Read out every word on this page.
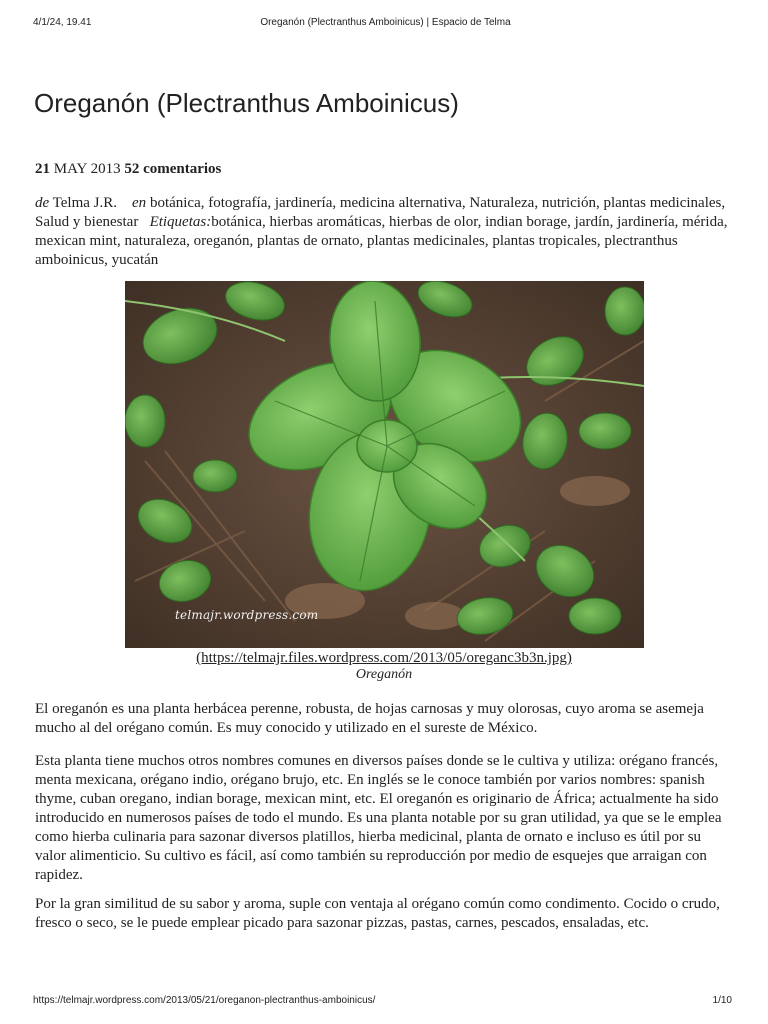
4/1/24, 19.41	Oreganón (Plectranthus Amboinicus) | Espacio de Telma
Oreganón (Plectranthus Amboinicus)
21 MAY 2013 52 comentarios
de Telma J.R. en botánica, fotografía, jardinería, medicina alternativa, Naturaleza, nutrición, plantas medicinales, Salud y bienestar Etiquetas:botánica, hierbas aromáticas, hierbas de olor, indian borage, jardín, jardinería, mérida, mexican mint, naturaleza, oreganón, plantas de ornato, plantas medicinales, plantas tropicales, plectranthus amboinicus, yucatán
telmajr.wordpress.com
(https://telmajr.files.wordpress.com/2013/05/oreganc3b3n.jpg)
Oreganón

El oreganón es una planta herbácea perenne, robusta, de hojas carnosas y muy olorosas, cuyo aroma se asemeja mucho al del orégano común. Es muy conocido y utilizado en el sureste de México.

Esta planta tiene muchos otros nombres comunes en diversos países donde se le cultiva y utiliza: orégano francés, menta mexicana, orégano indio, orégano brujo, etc. En inglés se le conoce también por varios nombres: spanish thyme, cuban oregano, indian borage, mexican mint, etc. El oreganón es originario de África; actualmente ha sido introducido en numerosos países de todo el mundo. Es una planta notable por su gran utilidad, ya que se le emplea como hierba culinaria para sazonar diversos platillos, hierba medicinal, planta de ornato e incluso es útil por su valor alimenticio. Su cultivo es fácil, así como también su reproducción por medio de esquejes que arraigan con rapidez.

Por la gran similitud de su sabor y aroma, suple con ventaja al orégano común como condimento. Cocido o crudo, fresco o seco, se le puede emplear picado para sazonar pizzas, pastas, carnes, pescados, ensaladas, etc.

https://telmajr.wordpress.com/2013/05/21/oreganon-plectranthus-amboinicus/	1/10
